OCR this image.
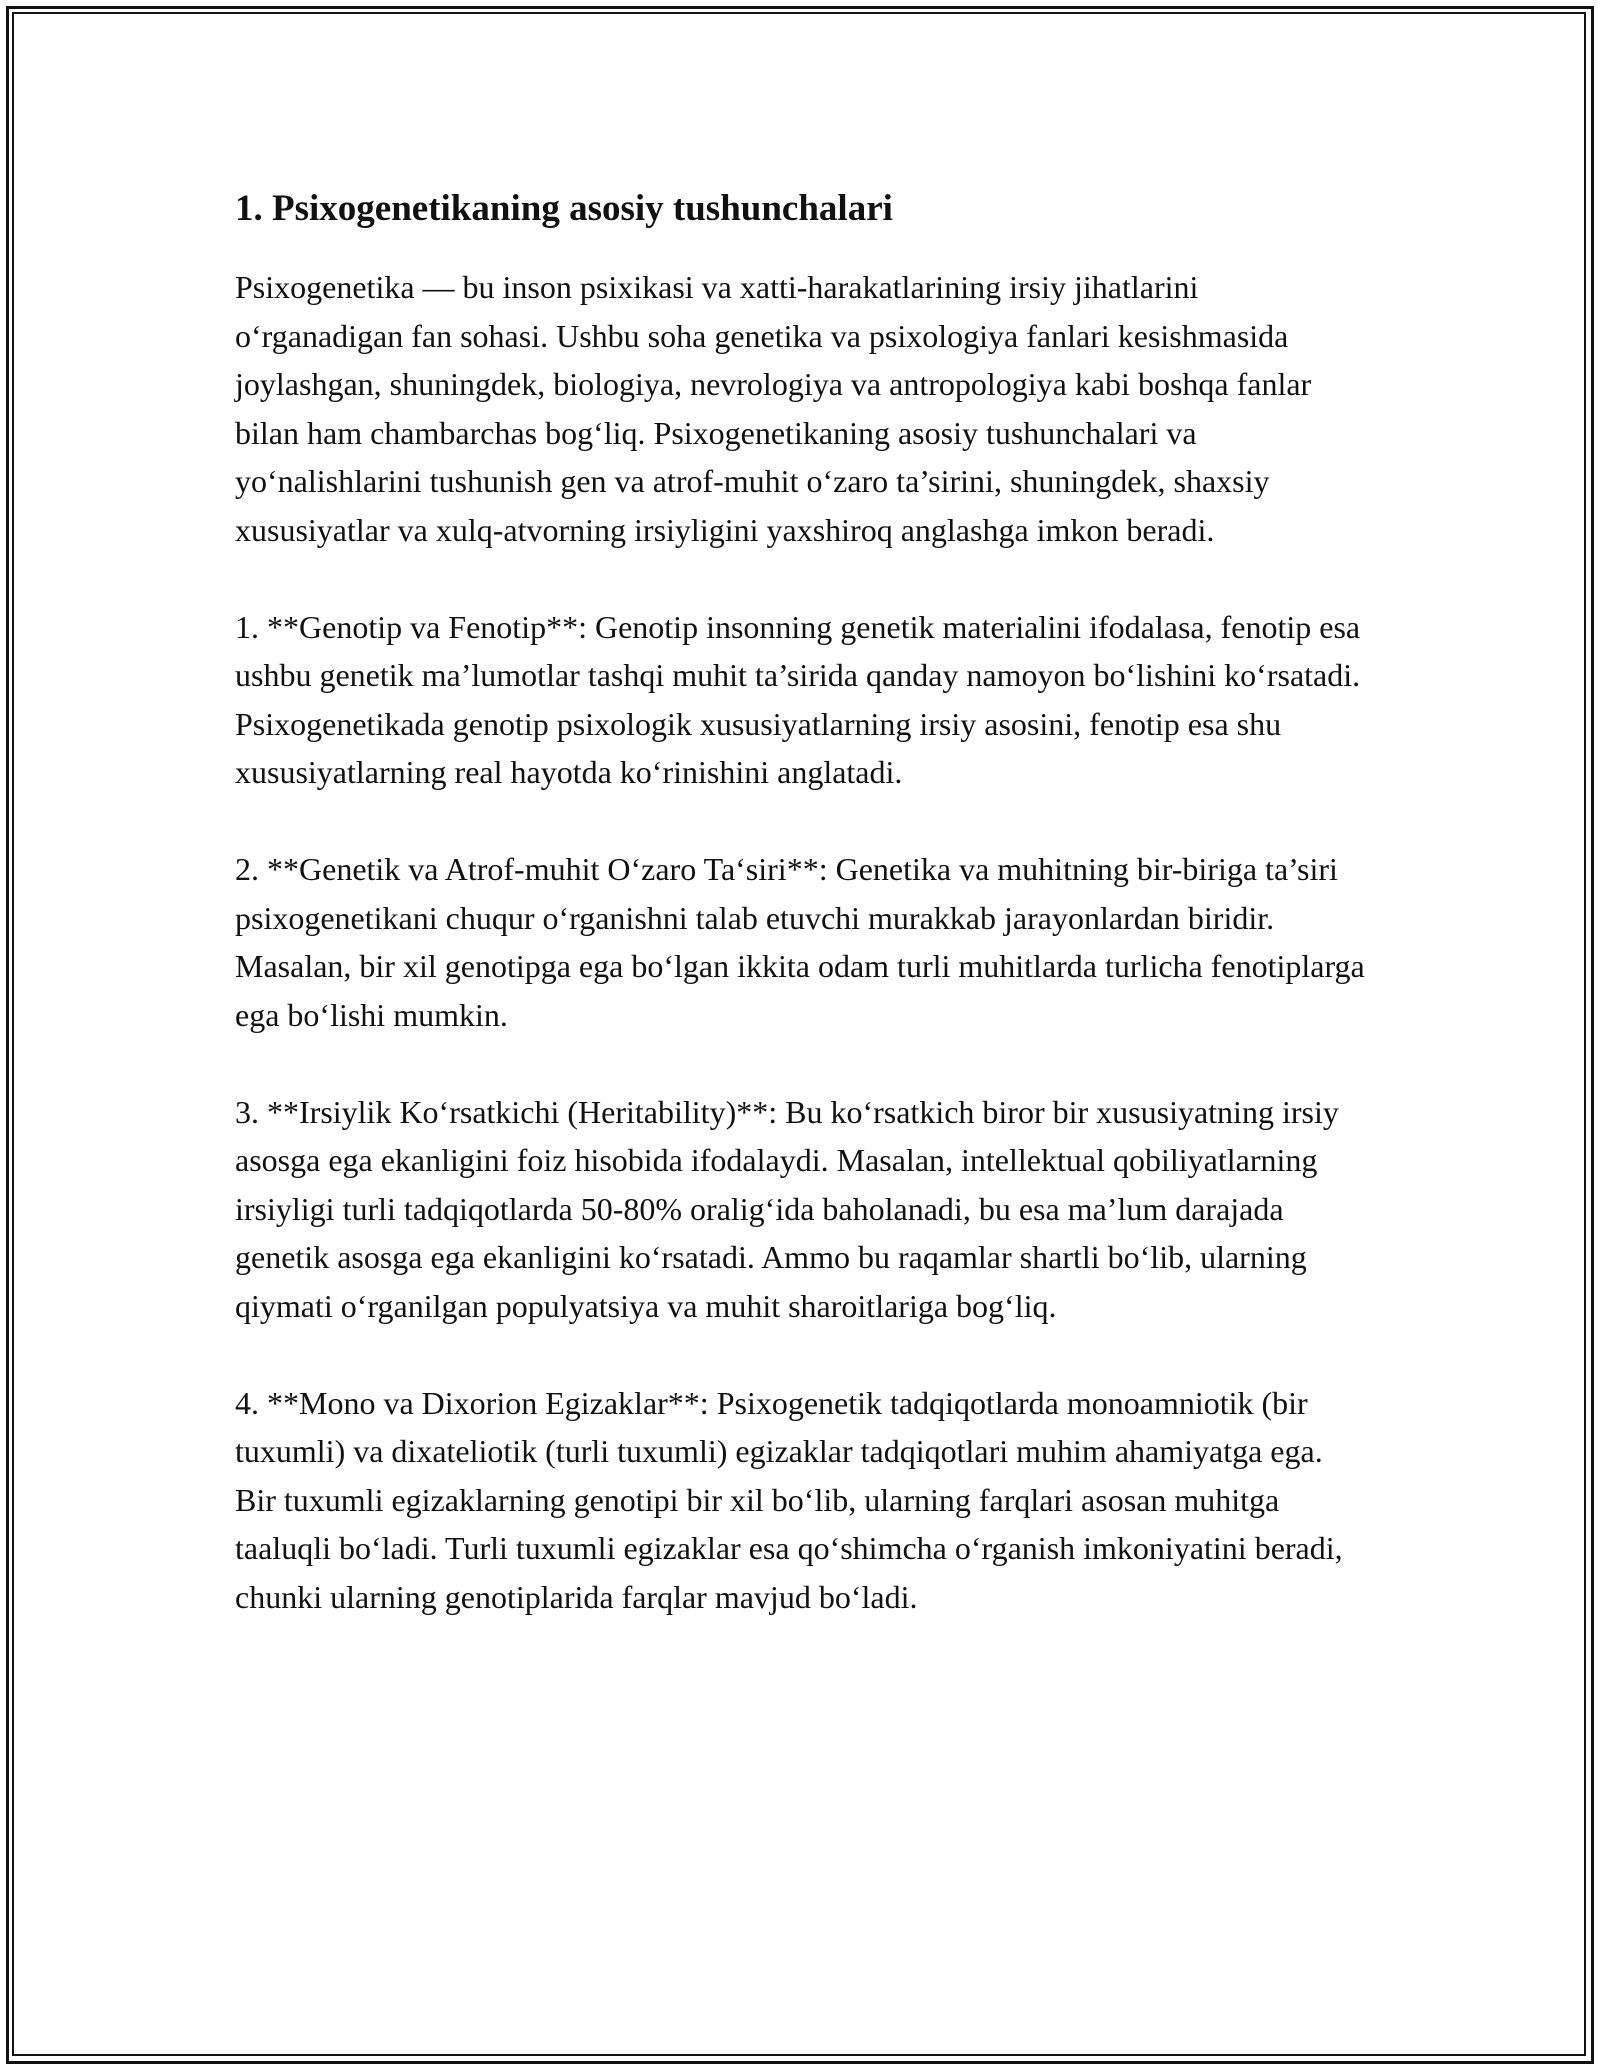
1. Psixogenetikaning asosiy tushunchalari

Psixogenetika — bu inson psixikasi va xatti-harakatlarining irsiy jihatlarini o‘rganadigan fan sohasi. Ushbu soha genetika va psixologiya fanlari kesishmasida joylashgan, shuningdek, biologiya, nevrologiya va antropologiya kabi boshqa fanlar bilan ham chambarchas bog‘liq. Psixogenetikaning asosiy tushunchalari va yo‘nalishlarini tushunish gen va atrof-muhit o‘zaro ta’sirini, shuningdek, shaxsiy xususiyatlar va xulq-atvorning irsiyligini yaxshiroq anglashga imkon beradi.

1. **Genotip va Fenotip**: Genotip insonning genetik materialini ifodalasa, fenotip esa ushbu genetik ma’lumotlar tashqi muhit ta’sirida qanday namoyon bo‘lishini ko‘rsatadi. Psixogenetikada genotip psixologik xususiyatlarning irsiy asosini, fenotip esa shu xususiyatlarning real hayotda ko‘rinishini anglatadi.

2. **Genetik va Atrof-muhit O‘zaro Ta‘siri**: Genetika va muhitning bir-biriga ta’siri psixogenetikani chuqur o‘rganishni talab etuvchi murakkab jarayonlardan biridir. Masalan, bir xil genotipga ega bo‘lgan ikkita odam turli muhitlarda turlicha fenotiplarga ega bo‘lishi mumkin.

3. **Irsiylik Ko‘rsatkichi (Heritability)**: Bu ko‘rsatkich biror bir xususiyatning irsiy asosga ega ekanligini foiz hisobida ifodalaydi. Masalan, intellektual qobiliyatlarning irsiyligi turli tadqiqotlarda 50-80% oralig‘ida baholanadi, bu esa ma’lum darajada genetik asosga ega ekanligini ko‘rsatadi. Ammo bu raqamlar shartli bo‘lib, ularning qiymati o‘rganilgan populyatsiya va muhit sharoitlariga bog‘liq.

4. **Mono va Dixorion Egizaklar**: Psixogenetik tadqiqotlarda monoamniotik (bir tuxumli) va dixateliotik (turli tuxumli) egizaklar tadqiqotlari muhim ahamiyatga ega. Bir tuxumli egizaklarning genotipi bir xil bo‘lib, ularning farqlari asosan muhitga taaluqli bo‘ladi. Turli tuxumli egizaklar esa qo‘shimcha o‘rganish imkoniyatini beradi, chunki ularning genotiplarida farqlar mavjud bo‘ladi.
